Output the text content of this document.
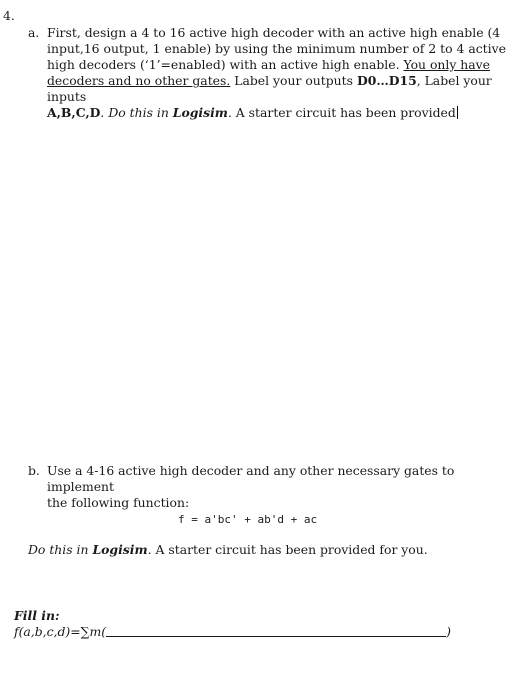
4.
a. First, design a 4 to 16 active high decoder with an active high enable (4
input,16 output, 1 enable) by using the minimum number of 2 to 4 active
high decoders (‘1’=enabled) with an active high enable. You only have
decoders and no other gates. Label your outputs D0…D15, Label your inputs
A,B,C,D. Do this in Logisim. A starter circuit has been provided
b. Use a 4-16 active high decoder and any other necessary gates to implement
the following function:
f = a'bc' + ab'd + ac
Do this in Logisim. A starter circuit has been provided for you.
Fill in:
f(a,b,c,d)=∑m(	)
